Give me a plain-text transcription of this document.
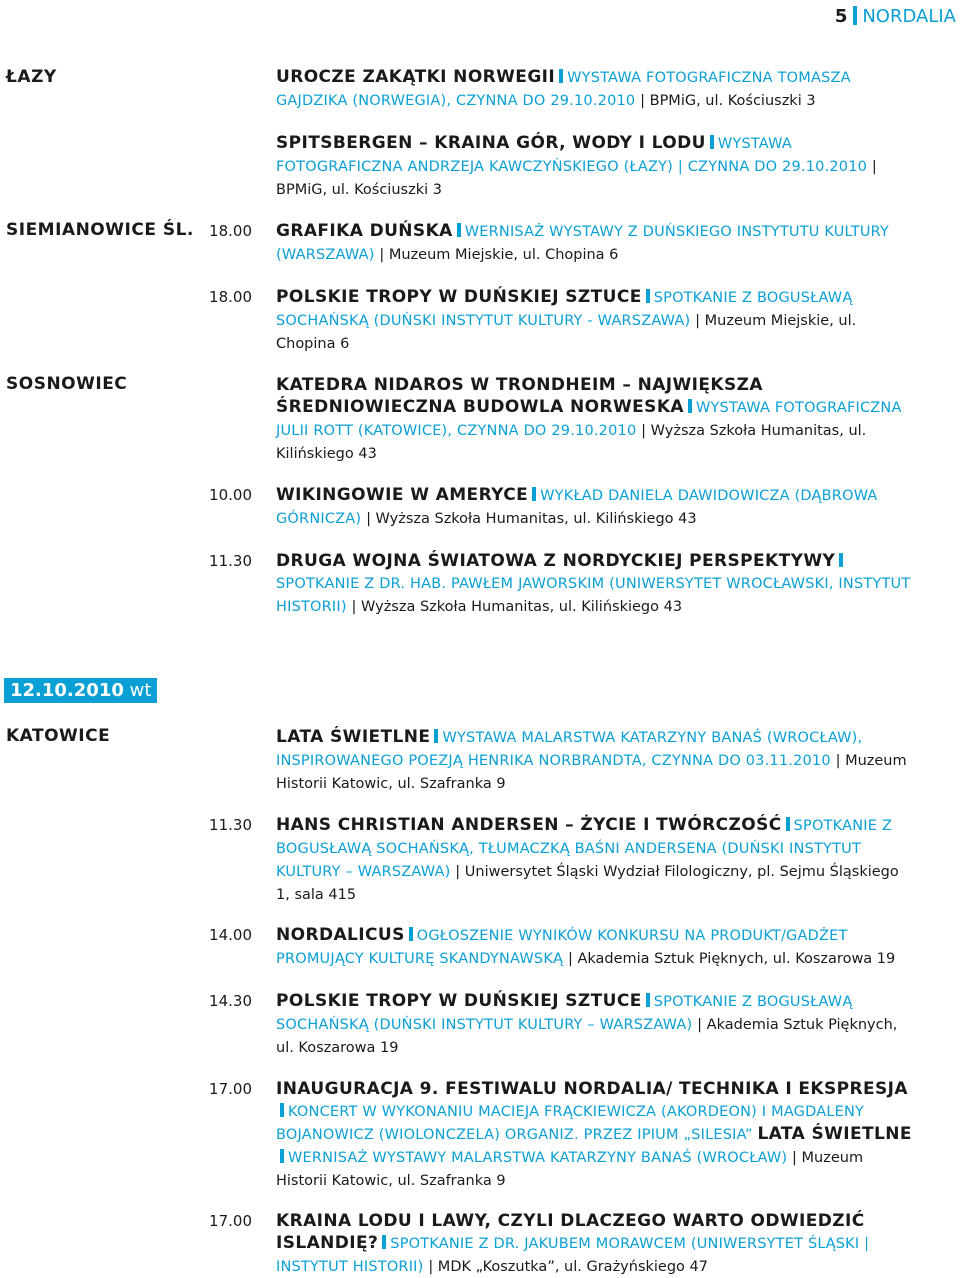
5 NORDALIA
ŁAZY
SIEMIANOWICE ŚL.
SOSNOWIEC
KATOWICE
12.10.2010 wt
UROCZE ZAKĄTKI NORWEGII WYSTAWA FOTOGRAFICZNA TOMASZA GAJDZIKA (NORWEGIA), CZYNNA DO 29.10.2010 | BPMiG, ul. Kościuszki 3
SPITSBERGEN – KRAINA GÓR, WODY I LODU WYSTAWA FOTOGRAFICZNA ANDRZEJA KAWCZYŃSKIEGO (ŁAZY) | CZYNNA DO 29.10.2010 | BPMiG, ul. Kościuszki 3
18.00 GRAFIKA DUŃSKA WERNISAŻ WYSTAWY Z DUŃSKIEGO INSTYTUTU KULTURY (WARSZAWA) | Muzeum Miejskie, ul. Chopina 6
18.00 POLSKIE TROPY W DUŃSKIEJ SZTUCE SPOTKANIE Z BOGUSŁAWĄ SOCHAŃSKĄ (DUŃSKI INSTYTUT KULTURY - WARSZAWA) | Muzeum Miejskie, ul. Chopina 6
KATEDRA NIDAROS W TRONDHEIM – NAJWIĘKSZA ŚREDNIOWIECZNA BUDOWLA NORWESKA WYSTAWA FOTOGRAFICZNA JULII ROTT (KATOWICE), CZYNNA DO 29.10.2010 | Wyższa Szkoła Humanitas, ul. Kilińskiego 43
10.00 WIKINGOWIE W AMERYCE WYKŁAD DANIELA DAWIDOWICZA (DĄBROWA GÓRNICZA) | Wyższa Szkoła Humanitas, ul. Kilińskiego 43
11.30 DRUGA WOJNA ŚWIATOWA Z NORDYCKIEJ PERSPEKTYWYSPOTKANIE Z DR. HAB. PAWŁEM JAWORSKIM (UNIWERSYTET WROCŁAWSKI, INSTYTUT HISTORII) | Wyższa Szkoła Humanitas, ul. Kilińskiego 43
LATA ŚWIETLNE WYSTAWA MALARSTWA KATARZYNY BANAŚ (WROCŁAW), INSPIROWANEGO POEZJĄ HENRIKA NORBRANDTA, CZYNNA DO 03.11.2010 | Muzeum Historii Katowic, ul. Szafranka 9
11.30 HANS CHRISTIAN ANDERSEN – ŻYCIE I TWÓRCZOŚĆ SPOTKANIE Z BOGUSŁAWĄ SOCHAŃSKĄ, TŁUMACZKĄ BAŚNI ANDERSENA (DUŃSKI INSTYTUT KULTURY – WARSZAWA) | Uniwersytet Śląski Wydział Filologiczny, pl. Sejmu Śląskiego 1, sala 415
14.00 NORDALICUS OGŁOSZENIE WYNIKÓW KONKURSU NA PRODUKT/GADŻET PROMUJĄCY KULTURĘ SKANDYNAWSKĄ | Akademia Sztuk Pięknych, ul. Koszarowa 19
14.30 POLSKIE TROPY W DUŃSKIEJ SZTUCE SPOTKANIE Z BOGUSŁAWĄ SOCHAŃSKĄ (DUŃSKI INSTYTUT KULTURY – WARSZAWA) | Akademia Sztuk Pięknych, ul. Koszarowa 19
17.00 INAUGURACJA 9. FESTIWALU NORDALIA/ TECHNIKA I EKSPRESJAKONCERT W WYKONANIU MACIEJA FRĄCKIEWICZA (AKORDEON) I MAGDALENY BOJANOWICZ (WIOLONCZELA) ORGANIZ. PRZEZ IPIUM „SILESIA” LATA ŚWIETLNEWERNISAŻ WYSTAWY MALARSTWA KATARZYNY BANAŚ (WROCŁAW) | Muzeum Historii Katowic, ul. Szafranka 9
17.00 KRAINA LODU I LAWY, CZYLI DLACZEGO WARTO ODWIEDZIĆ ISLANDIĘ? SPOTKANIE Z DR. JAKUBEM MORAWCEM (UNIWERSYTET ŚLĄSKI | INSTYTUT HISTORII) | MDK „Koszutka”, ul. Grażyńskiego 47
